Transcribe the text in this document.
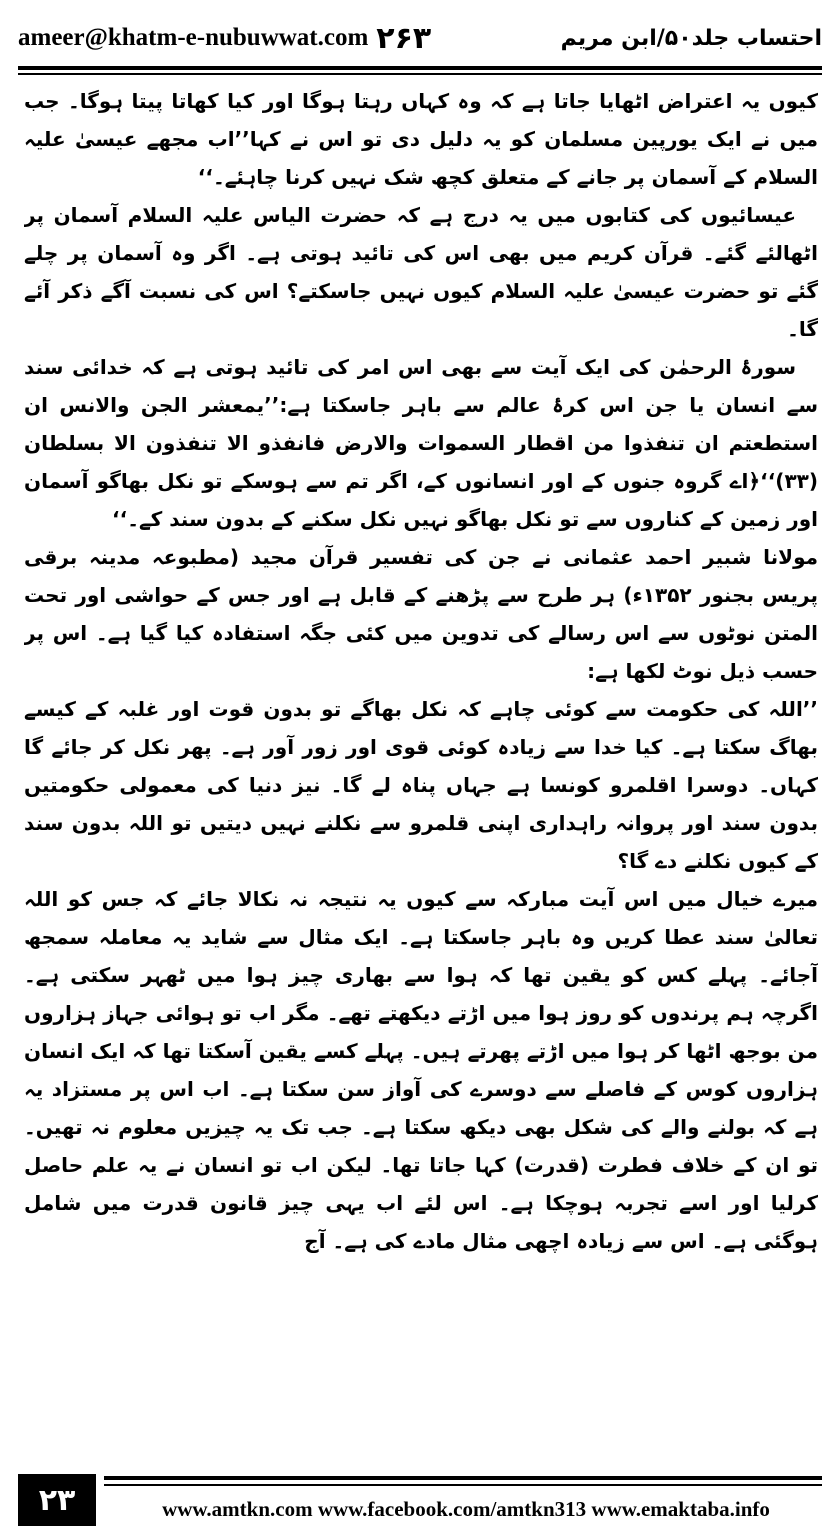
ameer@khatm-e-nubuwwat.com ۲۶۳	احتساب جلد۵۰/ابن مریم

کیوں یہ اعتراض اٹھایا جاتا ہے کہ وہ کہاں رہتا ہوگا اور کیا کھاتا پیتا ہوگا۔ جب میں نے ایک یورپین مسلمان کو یہ دلیل دی تو اس نے کہا’’اب مجھے عیسیٰ علیہ السلام کے آسمان پر جانے کے متعلق کچھ شک نہیں کرنا چاہئے۔‘‘

عیسائیوں کی کتابوں میں یہ درج ہے کہ حضرت الیاس علیہ السلام آسمان پر اٹھالئے گئے۔ قرآن کریم میں بھی اس کی تائید ہوتی ہے۔ اگر وہ آسمان پر چلے گئے تو حضرت عیسیٰ علیہ السلام کیوں نہیں جاسکتے؟ اس کی نسبت آگے ذکر آئے گا۔

سورۂ الرحمٰن کی ایک آیت سے بھی اس امر کی تائید ہوتی ہے کہ خدائی سند سے انسان یا جن اس کرۂ عالم سے باہر جاسکتا ہے:’’یمعشر الجن والانس ان استطعتم ان تنفذوا من اقطار السموات والارض فانفذو الا تنفذون الا بسلطان (۳۳)‘‘﴿اے گروہ جنوں کے اور انسانوں کے، اگر تم سے ہوسکے تو نکل بھاگو آسمان اور زمین کے کناروں سے تو نکل بھاگو نہیں نکل سکنے کے بدون سند کے۔‘‘

مولانا شبیر احمد عثمانی نے جن کی تفسیر قرآن مجید (مطبوعہ مدینہ برقی پریس بجنور ۱۳۵۲ء) ہر طرح سے پڑھنے کے قابل ہے اور جس کے حواشی اور تحت المتن نوٹوں سے اس رسالے کی تدوین میں کئی جگہ استفادہ کیا گیا ہے۔ اس پر حسب ذیل نوٹ لکھا ہے:

’’اللہ کی حکومت سے کوئی چاہے کہ نکل بھاگے تو بدون قوت اور غلبہ کے کیسے بھاگ سکتا ہے۔ کیا خدا سے زیادہ کوئی قوی اور زور آور ہے۔ پھر نکل کر جائے گا کہاں۔ دوسرا اقلمرو کونسا ہے جہاں پناہ لے گا۔ نیز دنیا کی معمولی حکومتیں بدون سند اور پروانہ راہداری اپنی قلمرو سے نکلنے نہیں دیتیں تو اللہ بدون سند کے کیوں نکلنے دے گا؟

میرے خیال میں اس آیت مبارکہ سے کیوں یہ نتیجہ نہ نکالا جائے کہ جس کو اللہ تعالیٰ سند عطا کریں وہ باہر جاسکتا ہے۔ ایک مثال سے شاید یہ معاملہ سمجھ آجائے۔ پہلے کس کو یقین تھا کہ ہوا سے بھاری چیز ہوا میں ٹھہر سکتی ہے۔ اگرچہ ہم پرندوں کو روز ہوا میں اڑتے دیکھتے تھے۔ مگر اب تو ہوائی جہاز ہزاروں من بوجھ اٹھا کر ہوا میں اڑتے پھرتے ہیں۔ پہلے کسے یقین آسکتا تھا کہ ایک انسان ہزاروں کوس کے فاصلے سے دوسرے کی آواز سن سکتا ہے۔ اب اس پر مستزاد یہ ہے کہ بولنے والے کی شکل بھی دیکھ سکتا ہے۔ جب تک یہ چیزیں معلوم نہ تھیں۔ تو ان کے خلاف فطرت (قدرت) کہا جاتا تھا۔ لیکن اب تو انسان نے یہ علم حاصل کرلیا اور اسے تجربہ ہوچکا ہے۔ اس لئے اب یہی چیز قانون قدرت میں شامل ہوگئی ہے۔ اس سے زیادہ اچھی مثال مادے کی ہے۔ آج

۲۳	www.amtkn.com www.facebook.com/amtkn313 www.emaktaba.info
